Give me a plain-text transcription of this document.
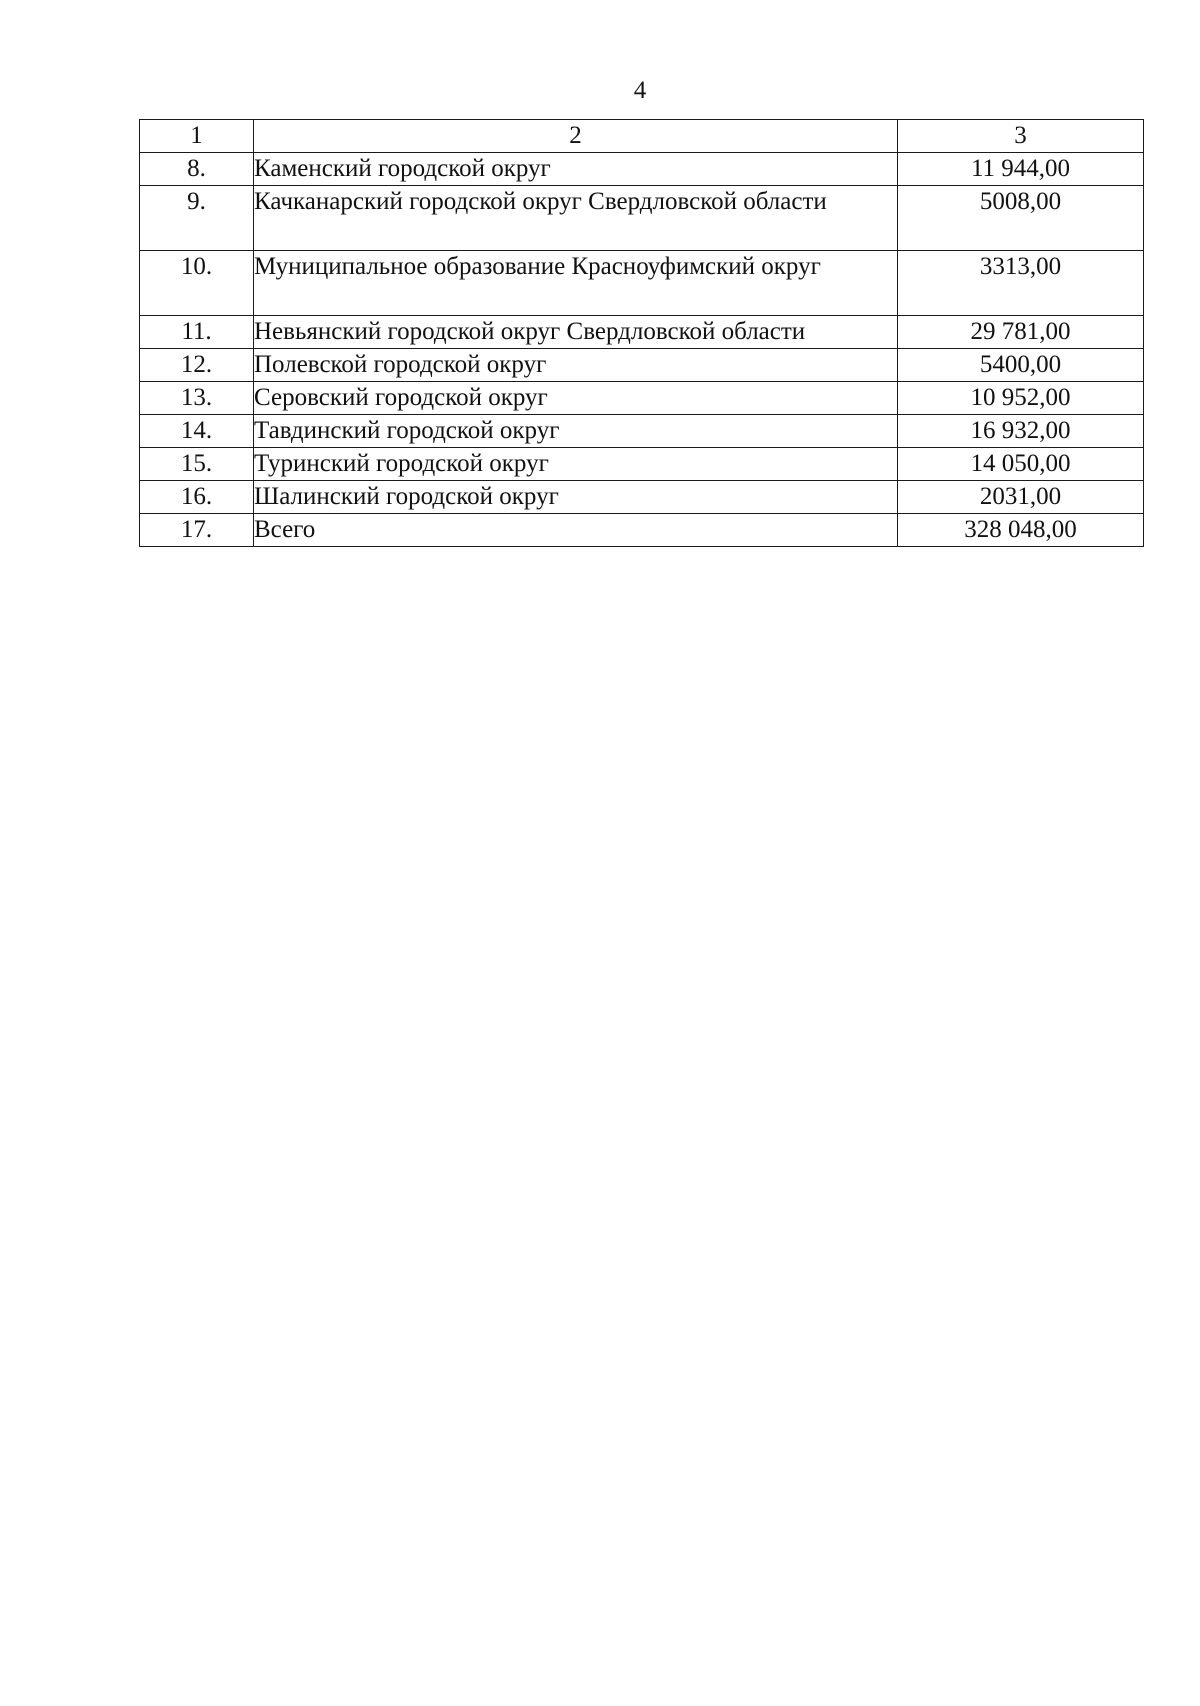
4
1	2	3
8.	Каменский городской округ	11 944,00
9.	Качканарский городской округ Свердловской области	5008,00
10.	Муниципальное образование Красноуфимский округ	3313,00
11.	Невьянский городской округ Свердловской области	29 781,00
12.	Полевской городской округ	5400,00
13.	Серовский городской округ	10 952,00
14.	Тавдинский городской округ	16 932,00
15.	Туринский городской округ	14 050,00
16.	Шалинский городской округ	2031,00
17.	Всего	328 048,00
